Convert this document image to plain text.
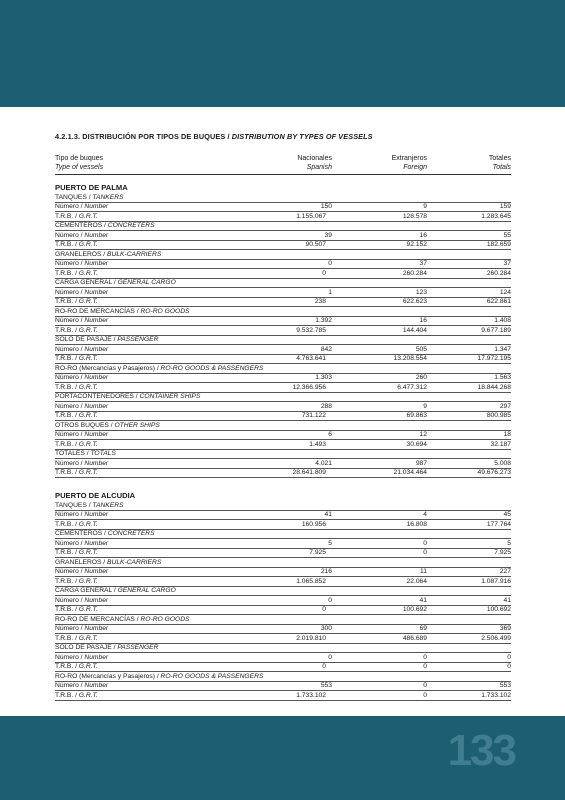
4.2.1.3. DISTRIBUCIÓN POR TIPOS DE BUQUES / DISTRIBUTION BY TYPES OF VESSELS
Tipo de buques	Nacionales	Extranjeros	Totales
Type of vessels	Spanish	Foreign	Totals
PUERTO DE PALMA
TANQUES / TANKERS
Número / Number	150	9	159
T.R.B. / G.R.T.	1.155.067	128.578	1.283.645
CEMENTEROS / CONCRETERS
Número / Number	39	16	55
T.R.B. / G.R.T.	90.507	92.152	182.659
GRANELEROS / BULK-CARRIERS
Número / Number	0	37	37
T.R.B. / G.R.T.	0	260.284	260.284
CARGA GENERAL / GENERAL CARGO
Número / Number	1	123	124
T.R.B. / G.R.T.	238	622.623	622.861
RO-RO DE MERCANCÍAS / RO-RO GOODS
Número / Number	1.392	16	1.408
T.R.B. / G.R.T.	9.532.785	144.404	9.677.189
SOLO DE PASAJE / PASSENGER
Número / Number	842	505	1.347
T.R.B. / G.R.T.	4.763.641	13.208.554	17.972.195
RO-RO (Mercancías y Pasajeros) / RO-RO GOODS & PASSENGERS
Número / Number	1.303	260	1.563
T.R.B. / G.R.T.	12.366.956	6.477.312	18.844.268
PORTACONTENEDORES / CONTAINER SHIPS
Número / Number	288	9	297
T.R.B. / G.R.T.	731.122	69.863	800.985
OTROS BUQUES / OTHER SHIPS
Número / Number	6	12	18
T.R.B. / G.R.T.	1.493	30.694	32.187
TOTALES / TOTALS
Número / Number	4.021	987	5.008
T.R.B. / G.R.T.	28.641.809	21.034.464	49.676.273
PUERTO DE ALCUDIA
TANQUES / TANKERS
Número / Number	41	4	45
T.R.B. / G.R.T.	160.956	16.808	177.764
CEMENTEROS / CONCRETERS
Número / Number	5	0	5
T.R.B. / G.R.T.	7.925	0	7.925
GRANELEROS / BULK-CARRIERS
Número / Number	216	11	227
T.R.B. / G.R.T.	1.065.852	22.064	1.087.916
CARGA GENERAL / GENERAL CARGO
Número / Number	0	41	41
T.R.B. / G.R.T.	0	100.692	100.692
RO-RO DE MERCANCÍAS / RO-RO GOODS
Número / Number	300	69	369
T.R.B. / G.R.T.	2.019.810	486.689	2.506.499
SOLO DE PASAJE / PASSENGER
Número / Number	0	0	0
T.R.B. / G.R.T.	0	0	0
RO-RO (Mercancías y Pasajeros) / RO-RO GOODS & PASSENGERS
Número / Number	553	0	553
T.R.B. / G.R.T.	1.733.102	0	1.733.102
133
